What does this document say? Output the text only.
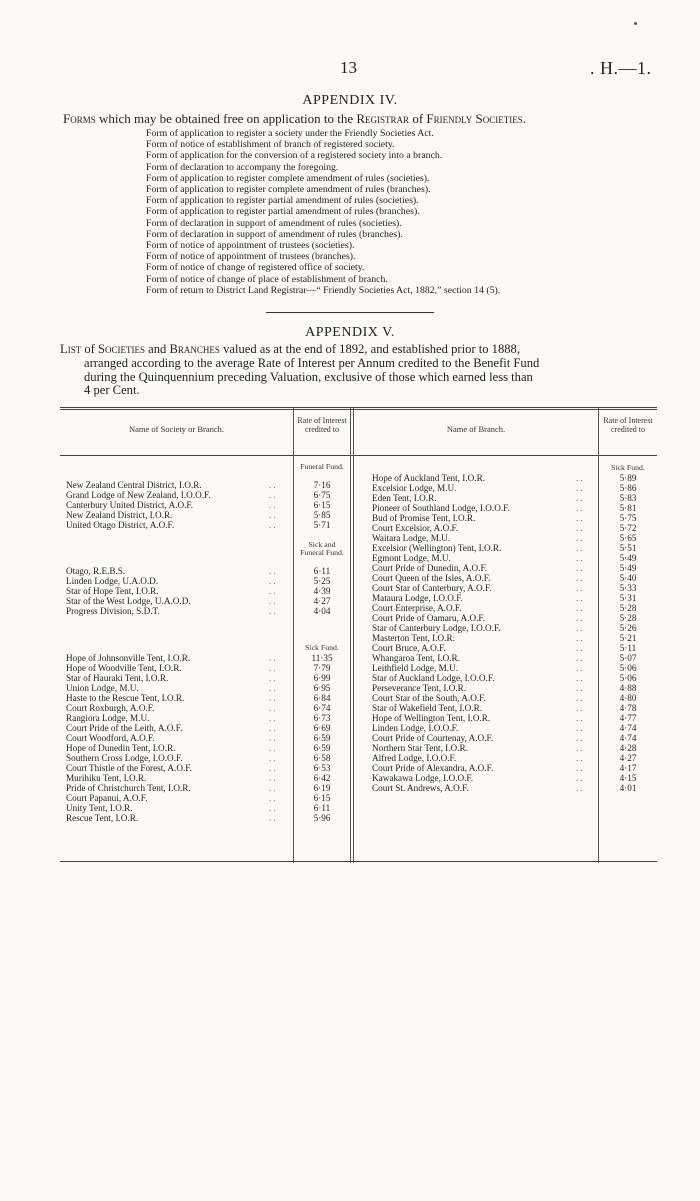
13	. H.—1.
APPENDIX IV.
Forms which may be obtained free on application to the Registrar of Friendly Societies.
Form of application to register a society under the Friendly Societies Act.
Form of notice of establishment of branch of registered society.
Form of application for the conversion of a registered society into a branch.
Form of declaration to accompany the foregoing.
Form of application to register complete amendment of rules (societies).
Form of application to register complete amendment of rules (branches).
Form of application to register partial amendment of rules (societies).
Form of application to register partial amendment of rules (branches).
Form of declaration in support of amendment of rules (societies).
Form of declaration in support of amendment of rules (branches).
Form of notice of appointment of trustees (societies).
Form of notice of appointment of trustees (branches).
Form of notice of change of registered office of society.
Form of notice of change of place of establishment of branch.
Form of return to District Land Registrar—“ Friendly Societies Act, 1882,” section 14 (5).
APPENDIX V.
List of Societies and Branches valued as at the end of 1892, and established prior to 1888,
arranged according to the average Rate of Interest per Annum credited to the Benefit Fund
during the Quinquennium preceding Valuation, exclusive of those which earned less than
4 per Cent.
Name of Society or Branch.
Rate of Interest credited to	Name of Branch.
Rate of Interest credited to
Funeral Fund.
New Zealand Central District, I.O.R.	..	7·16
Grand Lodge of New Zealand, I.O.O.F.	..	6·75
Canterbury United District, A.O.F.	..	6·15
New Zealand District, I.O.R.	..	5·85
United Otago District, A.O.F.	..	5·71
Sick and Funeral Fund.
Otago, R.E.B.S.	..	6·11
Linden Lodge, U.A.O.D.	..	5·25
Star of Hope Tent, I.O.R.	..	4·39
Star of the West Lodge, U.A.O.D.	..	4·27
Progress Division, S.D.T.	..	4·04
Sick Fund.
Hope of Johnsonville Tent, I.O.R.	..	11·35
Hope of Woodville Tent, I.O.R.	..	7·79
Star of Hauraki Tent, I.O.R.	..	6·99
Union Lodge, M.U.	..	6·95
Haste to the Rescue Tent, I.O.R.	..	6·84
Court Roxburgh, A.O.F.	..	6·74
Rangiora Lodge, M.U.	..	6·73
Court Pride of the Leith, A.O.F.	..	6·69
Court Woodford, A.O.F.	..	6·59
Hope of Dunedin Tent, I.O.R.	..	6·59
Southern Cross Lodge, I.O.O.F.	..	6·58
Court Thistle of the Forest, A.O.F.	..	6·53
Murihiku Tent, I.O.R.	..	6·42
Pride of Christchurch Tent, I.O.R.	..	6·19
Court Papanui, A.O.F.	..	6·15
Unity Tent, I.O.R.	..	6·11
Rescue Tent, I.O.R.	..	5·96
Sick Fund.
Hope of Auckland Tent, I.O.R.	..	5·89
Excelsior Lodge, M.U.	..	5·86
Eden Tent, I.O.R.	..	5·83
Pioneer of Southland Lodge, I.O.O.F.	..	5·81
Bud of Promise Tent, I.O.R.	..	5·75
Court Excelsior, A.O.F.	..	5·72
Waitara Lodge, M.U.	..	5·65
Excelsior (Wellington) Tent, I.O.R.	..	5·51
Egmont Lodge, M.U.	..	5·49
Court Pride of Dunedin, A.O.F.	..	5·49
Court Queen of the Isles, A.O.F.	..	5·40
Court Star of Canterbury, A.O.F.	..	5·33
Mataura Lodge, I.O.O.F.	..	5·31
Court Enterprise, A.O.F.	..	5·28
Court Pride of Oamaru, A.O.F.	..	5·28
Star of Canterbury Lodge, I.O.O.F.	..	5·26
Masterton Tent, I.O.R.	..	5·21
Court Bruce, A.O.F.	..	5·11
Whangaroa Tent, I.O.R.	..	5·07
Leithfield Lodge, M.U.	..	5·06
Star of Auckland Lodge, I.O.O.F.	..	5·06
Perseverance Tent, I.O.R.	..	4·88
Court Star of the South, A.O.F.	..	4·80
Star of Wakefield Tent, I.O.R.	..	4·78
Hope of Wellington Tent, I.O.R.	..	4·77
Linden Lodge, I.O.O.F.	..	4·74
Court Pride of Courtenay, A.O.F.	..	4·74
Northern Star Tent, I.O.R.	..	4·28
Alfred Lodge, I.O.O.F.	..	4·27
Court Pride of Alexandra, A.O.F.	..	4·17
Kawakawa Lodge, I.O.O.F.	..	4·15
Court St. Andrews, A.O.F.	..	4·01
